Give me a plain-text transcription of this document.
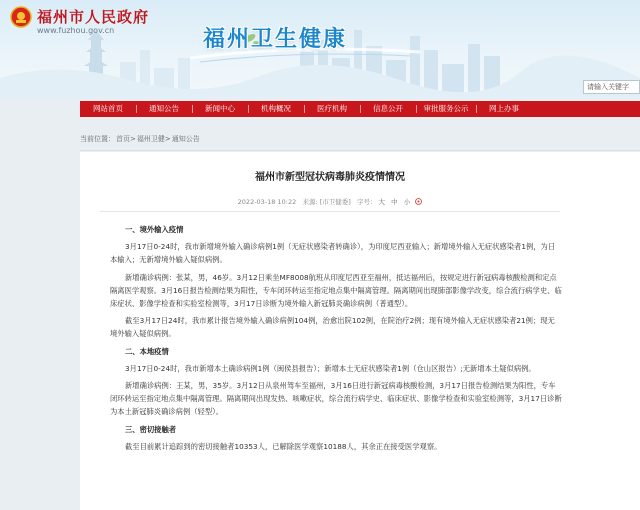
福州市人民政府
www.fuzhou.gov.cn	福州卫生健康
请输入关键字
网站首页	通知公告	新闻中心	机构概况	医疗机构	信息公开	审批服务公示	网上办事
当前位置：首页>福州卫健>通知公告
福州市新型冠状病毒肺炎疫情情况
2022-03-18 10:22 来源: [市卫健委] 字号： 大 中 小

一、境外输入疫情

3月17日0-24时，我市新增境外输入确诊病例1例（无症状感染者转确诊），为印度尼西亚输入；新增境外输入无症状感染者1例，为日本输入；无新增境外输入疑似病例。

新增确诊病例：张某，男，46岁。3月12日乘坐MF8008航班从印度尼西亚至福州，抵达福州后，按规定进行新冠病毒核酸检测和定点隔离医学观察。3月16日报告检测结果为阳性，专车闭环转运至指定地点集中隔离管理。隔离期间出现肺部影像学改变，综合流行病学史、临床症状、影像学检查和实验室检测等，3月17日诊断为境外输入新冠肺炎确诊病例（普通型）。

截至3月17日24时，我市累计报告境外输入确诊病例104例，治愈出院102例，在院治疗2例；现有境外输入无症状感染者21例；现无境外输入疑似病例。

二、本地疫情

3月17日0-24时，我市新增本土确诊病例1例（闽侯县报告）；新增本土无症状感染者1例（仓山区报告）;无新增本土疑似病例。

新增确诊病例：王某，男，35岁。3月12日从泉州驾车至福州，3月16日进行新冠病毒核酸检测，3月17日报告检测结果为阳性，专车闭环转运至指定地点集中隔离管理。隔离期间出现发热、咳嗽症状，综合流行病学史、临床症状、影像学检查和实验室检测等，3月17日诊断为本土新冠肺炎确诊病例（轻型）。

三、密切接触者

截至目前累计追踪到的密切接触者10353人，已解除医学观察10188人，其余正在接受医学观察。
